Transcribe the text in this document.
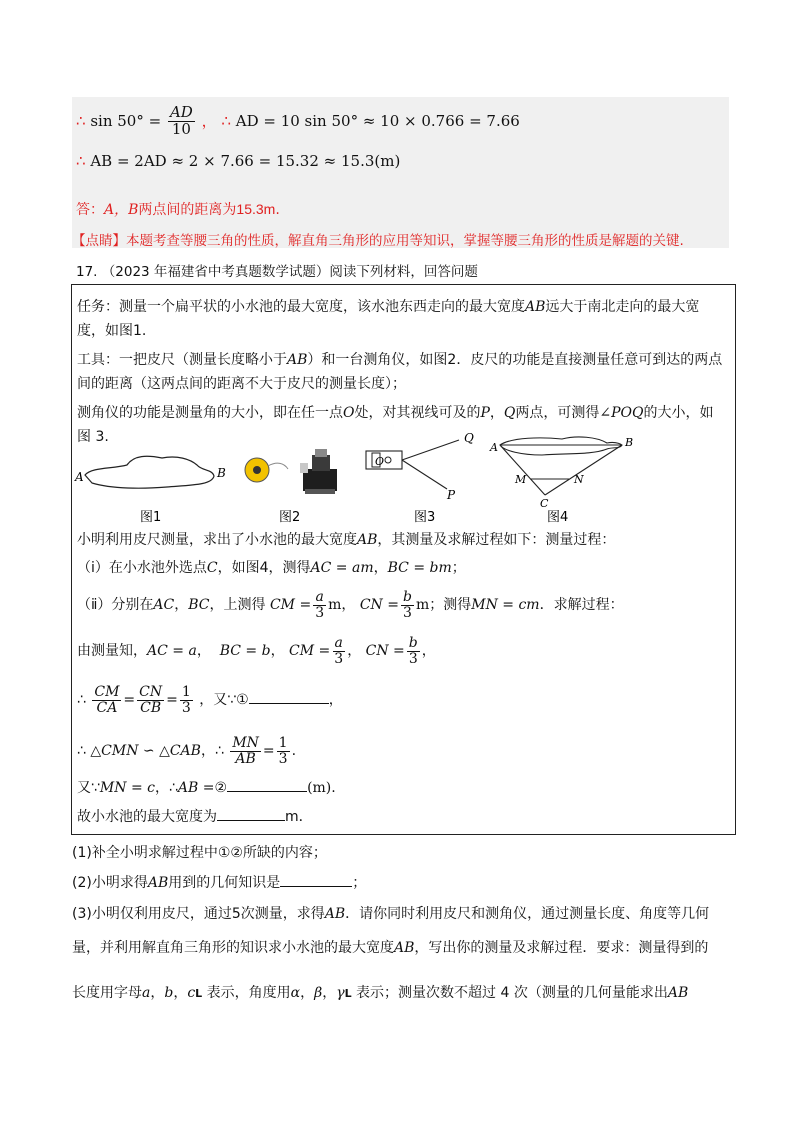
∴ $\sin 50^\circ = \frac{AD}{10}$ ， ∴ AD = 10 sin 50° ≈ 10 × 0.766 = 7.66
∴ AB = 2AD ≈ 2 × 7.66 = 15.32 ≈ 15.3(m)
答：A，B两点间的距离为15.3m.
【点睛】本题考查等腰三角的性质，解直角三角形的应用等知识，掌握等腰三角形的性质是解题的关键.
17. （2023 年福建省中考真题数学试题）阅读下列材料，回答问题
任务：测量一个扁平状的小水池的最大宽度，该水池东西走向的最大宽度AB远大于南北走向的最大宽
度，如图1.
工具：一把皮尺（测量长度略小于AB）和一台测角仪，如图2．皮尺的功能是直接测量任意可到达的两点
间的距离（这两点间的距离不大于皮尺的测量长度）；
测角仪的功能是测量角的大小，即在任一点O处，对其视线可及的P，Q两点，可测得∠POQ的大小，如
图 3.
A	B
O
Q
P
A	B
M	N
C
图1	图2	图3	图4
小明利用皮尺测量，求出了小水池的最大宽度AB，其测量及求解过程如下：测量过程：
（ⅰ）在小水池外选点C，如图4，测得AC = am，BC = bm；
（ⅱ）分别在AC，BC，上测得 CM = $\frac{a}{3}$ m， CN = $\frac{b}{3}$ m；测得MN = cm．求解过程：
由测量知，AC = a， BC = b， CM = $\frac{a}{3}$ ， CN = $\frac{b}{3}$ ，
∴ $\frac{CM}{CA} = \frac{CN}{CB} = \frac{1}{3}$ ，又∵①	，
∴ △CMN ∽ △CAB，∴ $\frac{MN}{AB} = \frac{1}{3}$ .
又∵MN = c，∴AB =②	(m).
故小水池的最大宽度为	m．
(1)补全小明求解过程中①②所缺的内容；
(2)小明求得AB用到的几何知识是	；
(3)小明仅利用皮尺，通过5次测量，求得AB．请你同时利用皮尺和测角仪，通过测量长度、角度等几何
量，并利用解直角三角形的知识求小水池的最大宽度AB，写出你的测量及求解过程．要求：测量得到的
长度用字母a，b，cL 表示，角度用α，β，γL 表示；测量次数不超过 4 次（测量的几何量能求出AB
